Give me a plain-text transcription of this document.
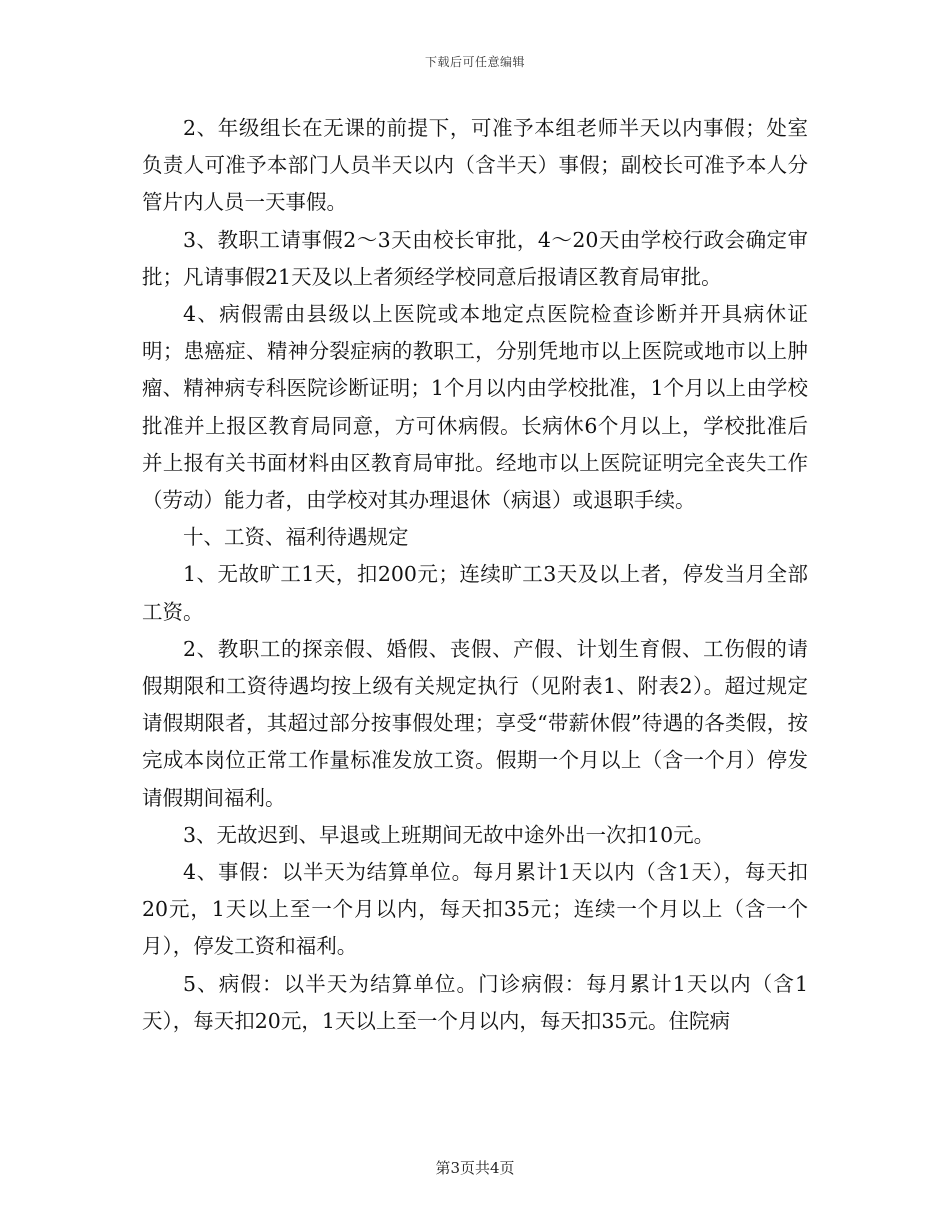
下载后可任意编辑

2、年级组长在无课的前提下，可准予本组老师半天以内事假；处室负责人可准予本部门人员半天以内（含半天）事假；副校长可准予本人分管片内人员一天事假。

3、教职工请事假2～3天由校长审批，4～20天由学校行政会确定审批；凡请事假21天及以上者须经学校同意后报请区教育局审批。

4、病假需由县级以上医院或本地定点医院检查诊断并开具病休证明；患癌症、精神分裂症病的教职工，分别凭地市以上医院或地市以上肿瘤、精神病专科医院诊断证明；1个月以内由学校批准，1个月以上由学校批准并上报区教育局同意，方可休病假。长病休6个月以上，学校批准后并上报有关书面材料由区教育局审批。经地市以上医院证明完全丧失工作（劳动）能力者，由学校对其办理退休（病退）或退职手续。

十、工资、福利待遇规定

1、无故旷工1天，扣200元；连续旷工3天及以上者，停发当月全部工资。

2、教职工的探亲假、婚假、丧假、产假、计划生育假、工伤假的请假期限和工资待遇均按上级有关规定执行（见附表1、附表2）。超过规定请假期限者，其超过部分按事假处理；享受“带薪休假”待遇的各类假，按完成本岗位正常工作量标准发放工资。假期一个月以上（含一个月）停发请假期间福利。

3、无故迟到、早退或上班期间无故中途外出一次扣10元。

4、事假：以半天为结算单位。每月累计1天以内（含1天），每天扣20元，1天以上至一个月以内，每天扣35元；连续一个月以上（含一个月），停发工资和福利。

5、病假：以半天为结算单位。门诊病假：每月累计1天以内（含1天），每天扣20元，1天以上至一个月以内，每天扣35元。住院病

第3页共4页
